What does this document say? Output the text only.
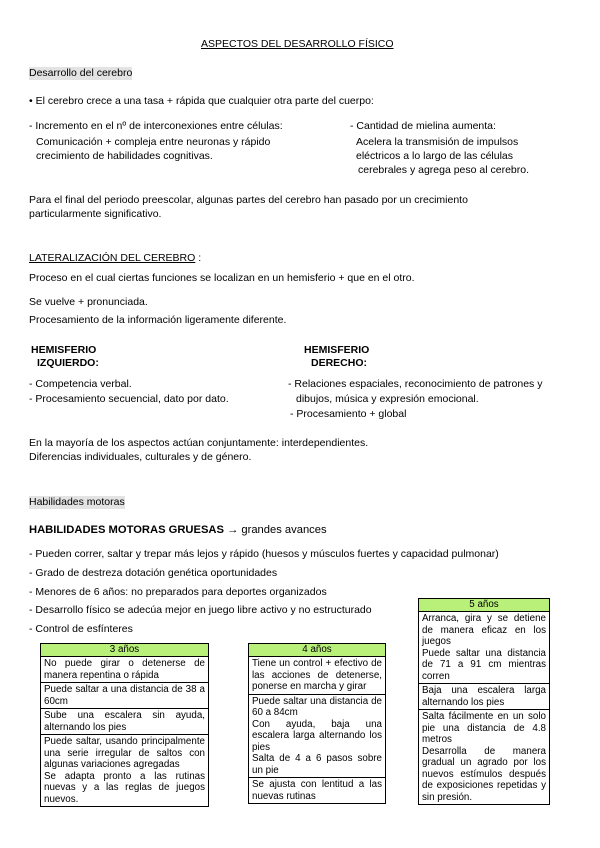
ASPECTOS DEL DESARROLLO FÍSICO
Desarrollo del cerebro
• El cerebro crece a una tasa + rápida que cualquier otra parte del cuerpo:
- Incremento en el nº de interconexiones entre células:
Comunicación + compleja entre neuronas y rápido
crecimiento de habilidades cognitivas.
- Cantidad de mielina aumenta:
Acelera la transmisión de impulsos
eléctricos a lo largo de las células
cerebrales y agrega peso al cerebro.
Para el final del periodo preescolar, algunas partes del cerebro han pasado por un crecimiento
particularmente significativo.
LATERALIZACIÓN DEL CEREBRO :
Proceso en el cual ciertas funciones se localizan en un hemisferio + que en el otro.
Se vuelve + pronunciada.
Procesamiento de la información ligeramente diferente.
HEMISFERIO
IZQUIERDO:
HEMISFERIO
DERECHO:
- Competencia verbal.
- Procesamiento secuencial, dato por dato.
- Relaciones espaciales, reconocimiento de patrones y
dibujos, música y expresión emocional.
- Procesamiento + global
En la mayoría de los aspectos actúan conjuntamente: interdependientes.
Diferencias individuales, culturales y de género.
Habilidades motoras
HABILIDADES MOTORAS GRUESAS → grandes avances
- Pueden correr, saltar y trepar más lejos y rápido (huesos y músculos fuertes y capacidad pulmonar)
- Grado de destreza dotación genética oportunidades
- Menores de 6 años: no preparados para deportes organizados
- Desarrollo físico se adecúa mejor en juego libre activo y no estructurado
- Control de esfínteres
3 años

No puede girar o detenerse de manera repentina o rápida

Puede saltar a una distancia de 38 a 60cm

Sube una escalera sin ayuda, alternando los pies

Puede saltar, usando principalmente una serie irregular de saltos con algunas variaciones agregadas

Se adapta pronto a las rutinas nuevas y a las reglas de juegos nuevos.

4 años

Tiene un control + efectivo de las acciones de detenerse, ponerse en marcha y girar

Puede saltar una distancia de 60 a 84cm

Con ayuda, baja una escalera larga alternando los pies

Salta de 4 a 6 pasos sobre un pie

Se ajusta con lentitud a las nuevas rutinas

5 años

Arranca, gira y se detiene de manera eficaz en los juegos

Puede saltar una distancia de 71 a 91 cm mientras corren

Baja una escalera larga alternando los pies

Salta fácilmente en un solo pie una distancia de 4.8 metros

Desarrolla de manera gradual un agrado por los nuevos estímulos después de exposiciones repetidas y sin presión.
